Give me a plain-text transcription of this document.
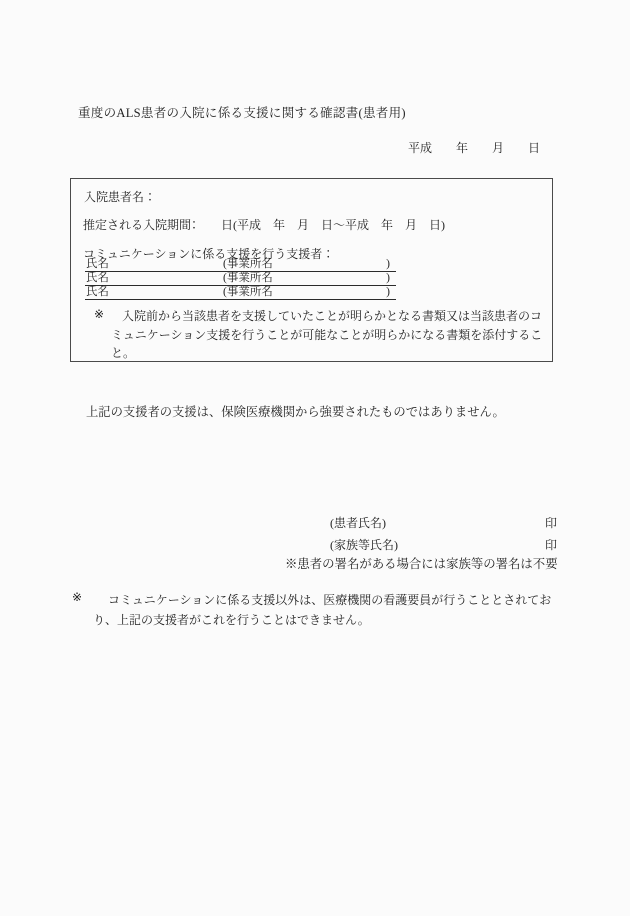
重度のALS患者の入院に係る支援に関する確認書(患者用)
平成　　年　　月　　日
入院患者名：
推定される入院期間：　　日(平成　年　月　日～平成　年　月　日)
コミュニケーションに係る支援を行う支援者：
氏名	(事業所名	)
氏名	(事業所名	)
氏名	(事業所名	)
※	入院前から当該患者を支援していたことが明らかとなる書類又は当該患者のコ
ミュニケーション支援を行うことが可能なことが明らかになる書類を添付するこ
と。
上記の支援者の支援は、保険医療機関から強要されたものではありません。
(患者氏名)	印
(家族等氏名)	印
※患者の署名がある場合には家族等の署名は不要
※ コミュニケーションに係る支援以外は、医療機関の看護要員が行うこととされてお
り、上記の支援者がこれを行うことはできません。
